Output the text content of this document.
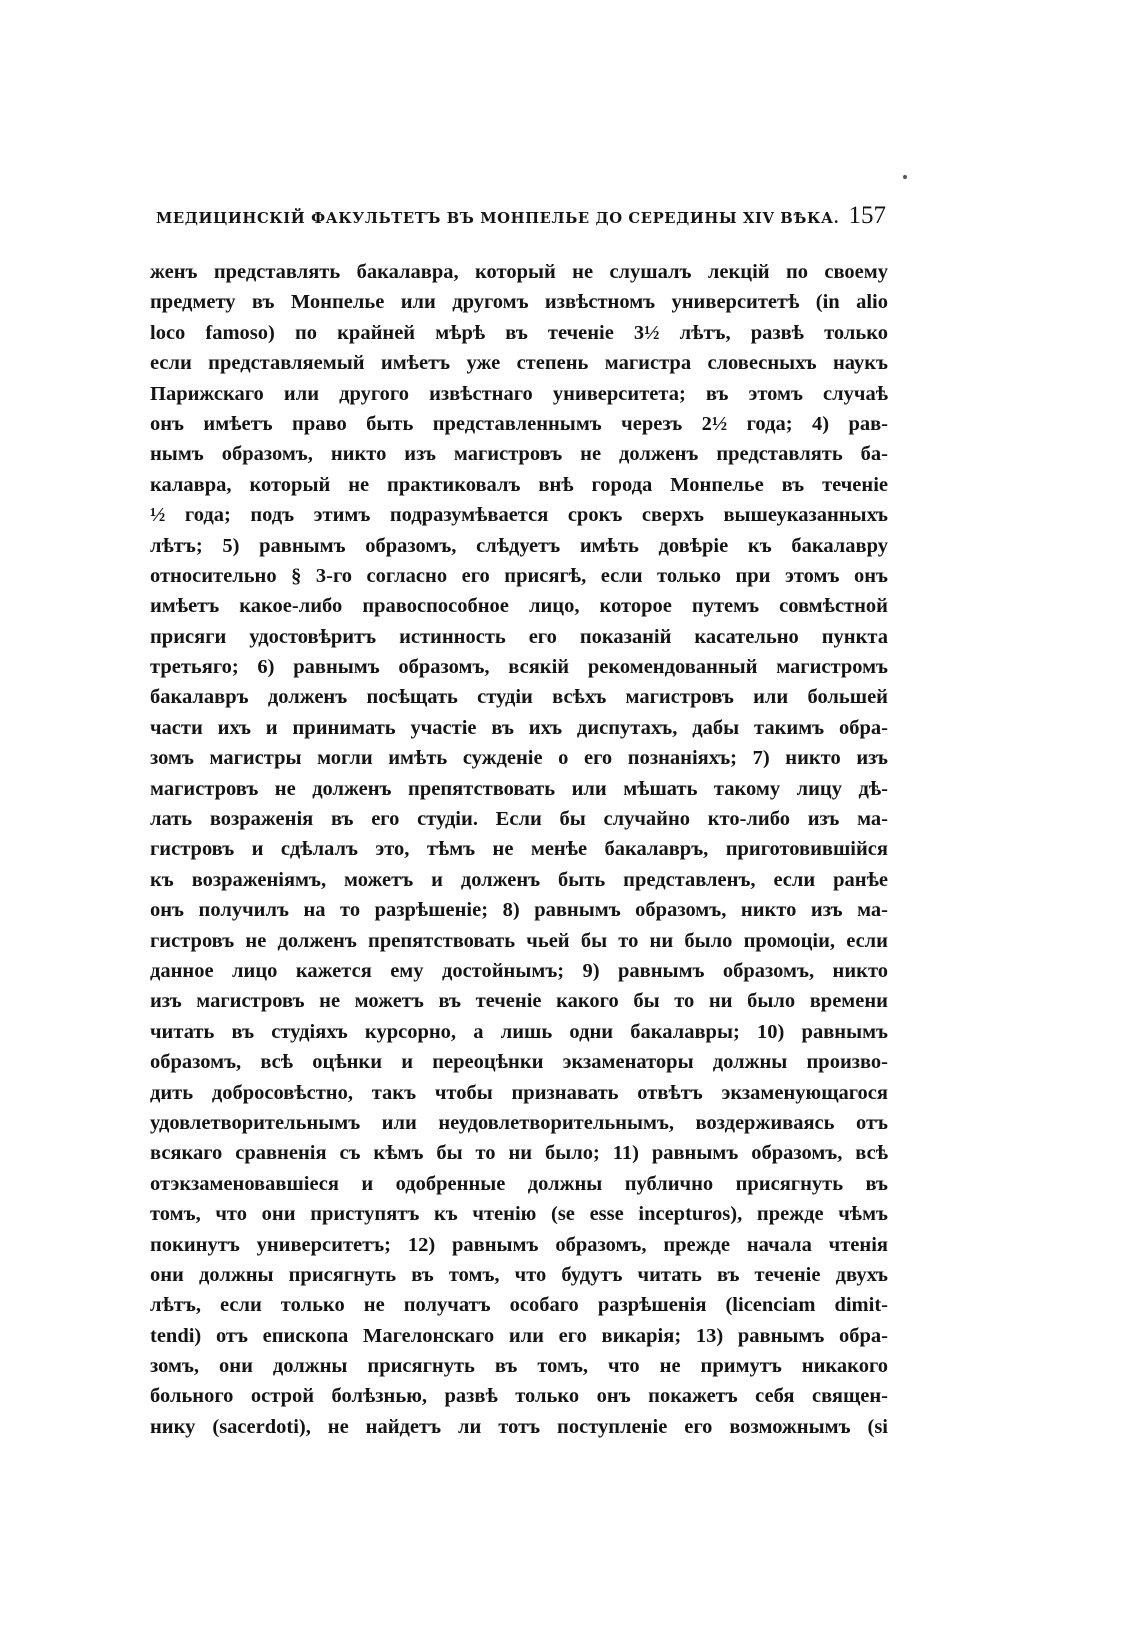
МЕДИЦИНСКІЙ ФАКУЛЬТЕТЪ ВЪ МОНПЕЛЬЕ ДО СЕРЕДИНЫ XIV ВѢКА. 157
женъ представлять бакалавра, который не слушалъ лекцій по своему
предмету въ Монпелье или другомъ извѣстномъ университетѣ (in alio
loco famoso) по крайней мѣрѣ въ теченіе 3½ лѣтъ, развѣ только
если представляемый имѣетъ уже степень магистра словесныхъ наукъ
Парижскаго или другого извѣстнаго университета; въ этомъ случаѣ
онъ имѣетъ право быть представленнымъ черезъ 2½ года; 4) рав-
нымъ образомъ, никто изъ магистровъ не долженъ представлять ба-
калавра, который не практиковалъ внѣ города Монпелье въ теченіе
½ года; подъ этимъ подразумѣвается срокъ сверхъ вышеуказанныхъ
лѣтъ; 5) равнымъ образомъ, слѣдуетъ имѣть довѣріе къ бакалавру
относительно § 3-го согласно его присягѣ, если только при этомъ онъ
имѣетъ какое-либо правоспособное лицо, которое путемъ совмѣстной
присяги удостовѣритъ истинность его показаній касательно пункта
третьяго; 6) равнымъ образомъ, всякій рекомендованный магистромъ
бакалавръ долженъ посѣщать студіи всѣхъ магистровъ или большей
части ихъ и принимать участіе въ ихъ диспутахъ, дабы такимъ обра-
зомъ магистры могли имѣть сужденіе о его познаніяхъ; 7) никто изъ
магистровъ не долженъ препятствовать или мѣшать такому лицу дѣ-
лать возраженія въ его студіи. Если бы случайно кто-либо изъ ма-
гистровъ и сдѣлалъ это, тѣмъ не менѣе бакалавръ, приготовившійся
къ возраженіямъ, можетъ и долженъ быть представленъ, если ранѣе
онъ получилъ на то разрѣшеніе; 8) равнымъ образомъ, никто изъ ма-
гистровъ не долженъ препятствовать чьей бы то ни было промоціи, если
данное лицо кажется ему достойнымъ; 9) равнымъ образомъ, никто
изъ магистровъ не можетъ въ теченіе какого бы то ни было времени
читать въ студіяхъ курсорно, а лишь одни бакалавры; 10) равнымъ
образомъ, всѣ оцѣнки и переоцѣнки экзаменаторы должны произво-
дить добросовѣстно, такъ чтобы признавать отвѣтъ экзаменующагося
удовлетворительнымъ или неудовлетворительнымъ, воздерживаясь отъ
всякаго сравненія съ кѣмъ бы то ни было; 11) равнымъ образомъ, всѣ
отэкзаменовавшіеся и одобренные должны публично присягнуть въ
томъ, что они приступятъ къ чтенію (se esse incepturos), прежде чѣмъ
покинутъ университетъ; 12) равнымъ образомъ, прежде начала чтенія
они должны присягнуть въ томъ, что будутъ читать въ теченіе двухъ
лѣтъ, если только не получатъ особаго разрѣшенія (licenciam dimit-
tendi) отъ епископа Магелонскаго или его викарія; 13) равнымъ обра-
зомъ, они должны присягнуть въ томъ, что не примутъ никакого
больного острой болѣзнью, развѣ только онъ покажетъ себя священ-
нику (sacerdoti), не найдетъ ли тотъ поступленіе его возможнымъ (si
